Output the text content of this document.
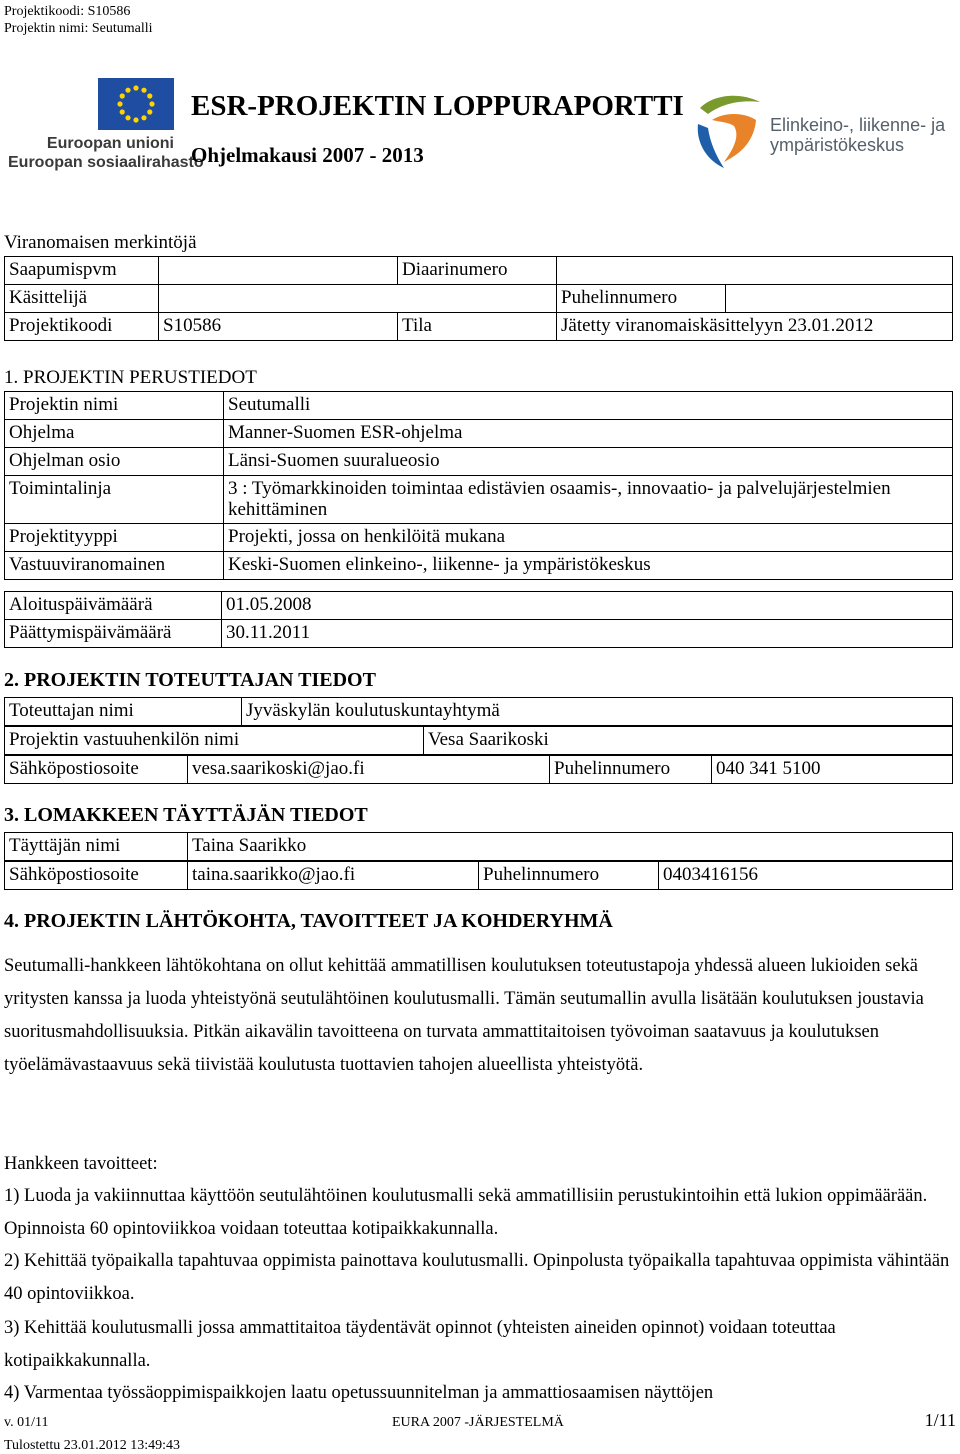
Projektikoodi: S10586
Projektin nimi: Seutumalli
Euroopan unioni
Euroopan sosiaalirahasto
ESR-PROJEKTIN LOPPURAPORTTI
Ohjelmakausi 2007 - 2013
Elinkeino-, liikenne- ja
ympäristökeskus
Viranomaisen merkintöjä
Saapumispvm		Diaarinumero	
Käsittelijä			Puhelinnumero

Projektikoodi	S10586	Tila	Jätetty viranomaiskäsittelyyn 23.01.2012
1. PROJEKTIN PERUSTIEDOT
Projektin nimi	Seutumalli
Ohjelma	Manner-Suomen ESR-ohjelma
Ohjelman osio	Länsi-Suomen suuralueosio
Toimintalinja	3 : Työmarkkinoiden toimintaa edistävien osaamis-, innovaatio- ja palvelujärjestelmien kehittäminen
Projektityyppi	Projekti, jossa on henkilöitä mukana
Vastuuviranomainen	Keski-Suomen elinkeino-, liikenne- ja ympäristökeskus
Aloituspäivämäärä	01.05.2008
Päättymispäivämäärä	30.11.2011
2. PROJEKTIN TOTEUTTAJAN TIEDOT
Toteuttajan nimi	Jyväskylän koulutuskuntayhtymä
Projektin vastuuhenkilön nimi	Vesa Saarikoski
Sähköpostiosoite	vesa.saarikoski@jao.fi	Puhelinnumero	040 341 5100
3. LOMAKKEEN TÄYTTÄJÄN TIEDOT
Täyttäjän nimi	Taina Saarikko
Sähköpostiosoite	taina.saarikko@jao.fi	Puhelinnumero	0403416156
4. PROJEKTIN LÄHTÖKOHTA, TAVOITTEET JA KOHDERYHMÄ
Seutumalli-hankkeen lähtökohtana on ollut kehittää ammatillisen koulutuksen toteutustapoja yhdessä alueen lukioiden sekä yritysten kanssa ja luoda yhteistyönä seutulähtöinen koulutusmalli. Tämän seutumallin avulla lisätään koulutuksen joustavia suoritusmahdollisuuksia. Pitkän aikavälin tavoitteena on turvata ammattitaitoisen työvoiman saatavuus ja koulutuksen työelämävastaavuus sekä tiivistää koulutusta tuottavien tahojen alueellista yhteistyötä.
Hankkeen tavoitteet:
1) Luoda ja vakiinnuttaa käyttöön seutulähtöinen koulutusmalli sekä ammatillisiin perustukintoihin että lukion oppimäärään. Opinnoista 60 opintoviikkoa voidaan toteuttaa kotipaikkakunnalla.
2) Kehittää työpaikalla tapahtuvaa oppimista painottava koulutusmalli. Opinpolusta työpaikalla tapahtuvaa oppimista vähintään 40 opintoviikkoa.
3) Kehittää koulutusmalli jossa ammattitaitoa täydentävät opinnot (yhteisten aineiden opinnot) voidaan toteuttaa kotipaikkakunnalla.
4) Varmentaa työssäoppimispaikkojen laatu opetussuunnitelman ja ammattiosaamisen näyttöjen
v. 01/11	EURA 2007 -JÄRJESTELMÄ	1/11
Tulostettu 23.01.2012 13:49:43
